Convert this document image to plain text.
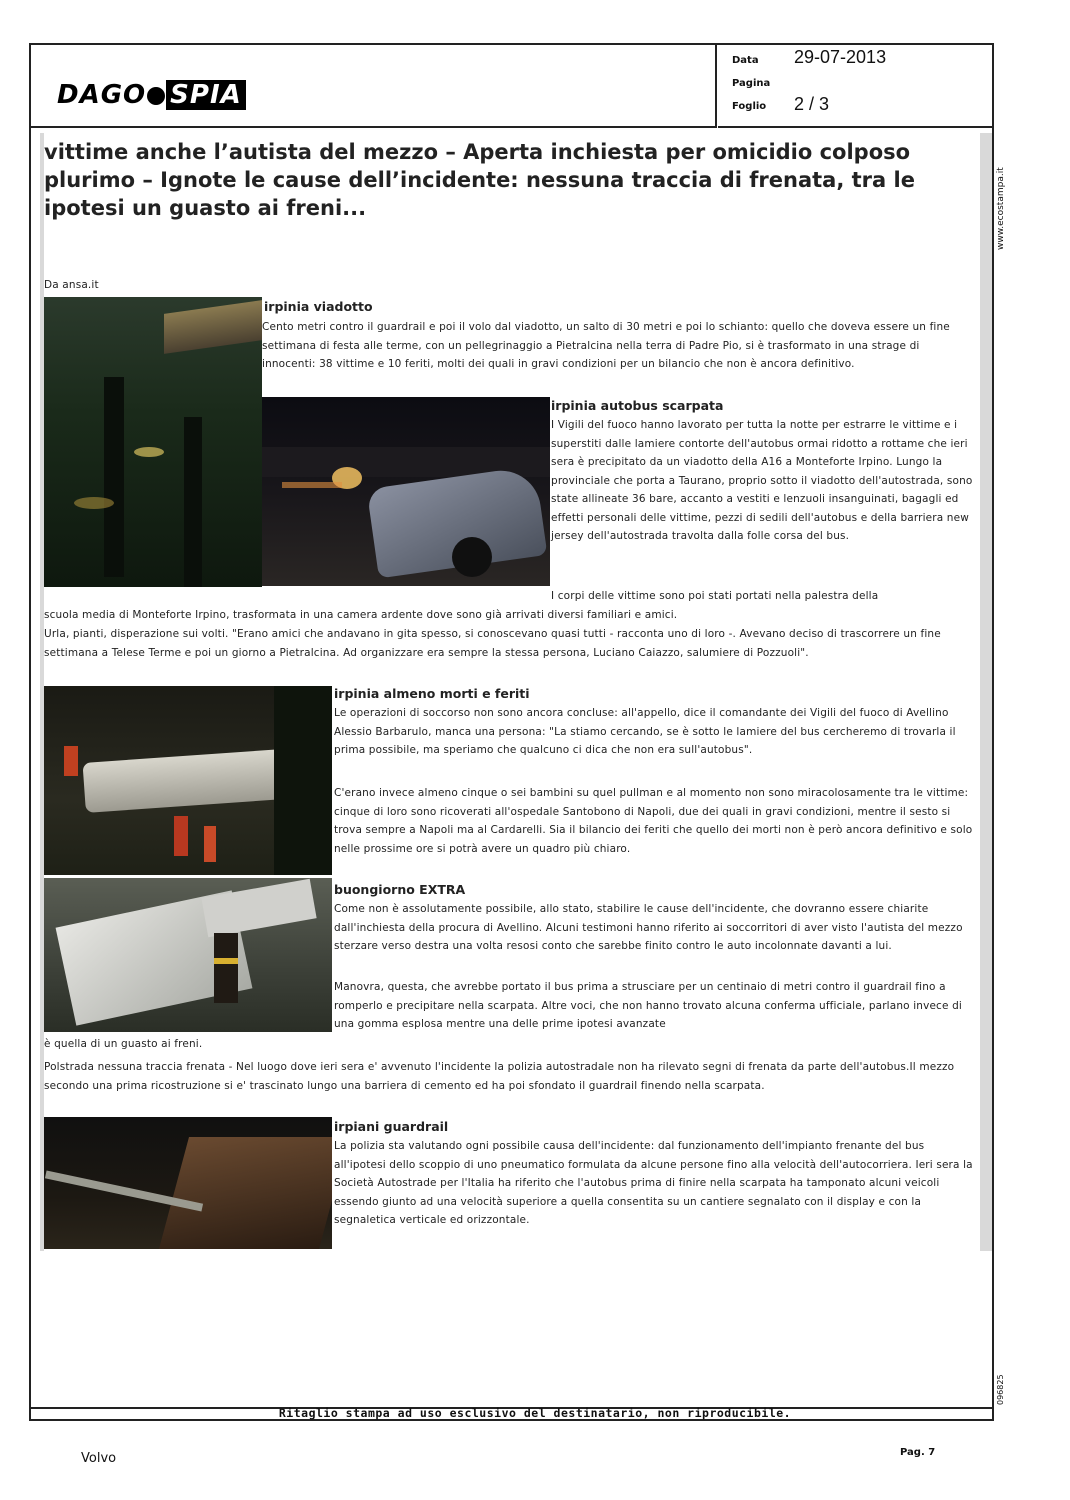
DAGO SPIA
Data 29-07-2013
Pagina
Foglio 2 / 3
www.ecostampa.it
096825
vittime anche l’autista del mezzo – Aperta inchiesta per omicidio colposo plurimo – Ignote le cause dell’incidente: nessuna traccia di frenata, tra le ipotesi un guasto ai freni...
Da ansa.it
irpinia viadotto
Cento metri contro il guardrail e poi il volo dal viadotto, un salto di 30 metri e poi lo schianto: quello che doveva essere un fine settimana di festa alle terme, con un pellegrinaggio a Pietralcina nella terra di Padre Pio, si è trasformato in una strage di innocenti: 38 vittime e 10 feriti, molti dei quali in gravi condizioni per un bilancio che non è ancora definitivo.
irpinia autobus scarpata
I Vigili del fuoco hanno lavorato per tutta la notte per estrarre le vittime e i superstiti dalle lamiere contorte dell'autobus ormai ridotto a rottame che ieri sera è precipitato da un viadotto della A16 a Monteforte Irpino. Lungo la provinciale che porta a Taurano, proprio sotto il viadotto dell'autostrada, sono state allineate 36 bare, accanto a vestiti e lenzuoli insanguinati, bagagli ed effetti personali delle vittime, pezzi di sedili dell'autobus e della barriera new jersey dell'autostrada travolta dalla folle corsa del bus.
I corpi delle vittime sono poi stati portati nella palestra della
scuola media di Monteforte Irpino, trasformata in una camera ardente dove sono già arrivati diversi familiari e amici.
Urla, pianti, disperazione sui volti. "Erano amici che andavano in gita spesso, si conoscevano quasi tutti - racconta uno di loro -. Avevano deciso di trascorrere un fine settimana a Telese Terme e poi un giorno a Pietralcina. Ad organizzare era sempre la stessa persona, Luciano Caiazzo, salumiere di Pozzuoli".
irpinia almeno morti e feriti
Le operazioni di soccorso non sono ancora concluse: all'appello, dice il comandante dei Vigili del fuoco di Avellino Alessio Barbarulo, manca una persona: "La stiamo cercando, se è sotto le lamiere del bus cercheremo di trovarla il prima possibile, ma speriamo che qualcuno ci dica che non era sull'autobus".
C'erano invece almeno cinque o sei bambini su quel pullman e al momento non sono miracolosamente tra le vittime: cinque di loro sono ricoverati all'ospedale Santobono di Napoli, due dei quali in gravi condizioni, mentre il sesto si trova sempre a Napoli ma al Cardarelli. Sia il bilancio dei feriti che quello dei morti non è però ancora definitivo e solo nelle prossime ore si potrà avere un quadro più chiaro.
buongiorno EXTRA
Come non è assolutamente possibile, allo stato, stabilire le cause dell'incidente, che dovranno essere chiarite dall'inchiesta della procura di Avellino. Alcuni testimoni hanno riferito ai soccorritori di aver visto l'autista del mezzo sterzare verso destra una volta resosi conto che sarebbe finito contro le auto incolonnate davanti a lui.
Manovra, questa, che avrebbe portato il bus prima a strusciare per un centinaio di metri contro il guardrail fino a romperlo e precipitare nella scarpata. Altre voci, che non hanno trovato alcuna conferma ufficiale, parlano invece di una gomma esplosa mentre una delle prime ipotesi avanzate
è quella di un guasto ai freni.
Polstrada nessuna traccia frenata - Nel luogo dove ieri sera e' avvenuto l'incidente la polizia autostradale non ha rilevato segni di frenata da parte dell'autobus.Il mezzo secondo una prima ricostruzione si e' trascinato lungo una barriera di cemento ed ha poi sfondato il guardrail finendo nella scarpata.
irpiani guardrail
La polizia sta valutando ogni possibile causa dell'incidente: dal funzionamento dell'impianto frenante del bus all'ipotesi dello scoppio di uno pneumatico formulata da alcune persone fino alla velocità dell'autocorriera. Ieri sera la Società Autostrade per l'Italia ha riferito che l'autobus prima di finire nella scarpata ha tamponato alcuni veicoli essendo giunto ad una velocità superiore a quella consentita su un cantiere segnalato con il display e con la segnaletica verticale ed orizzontale.
Ritaglio stampa ad uso esclusivo del destinatario, non riproducibile.
Volvo	Pag. 7
